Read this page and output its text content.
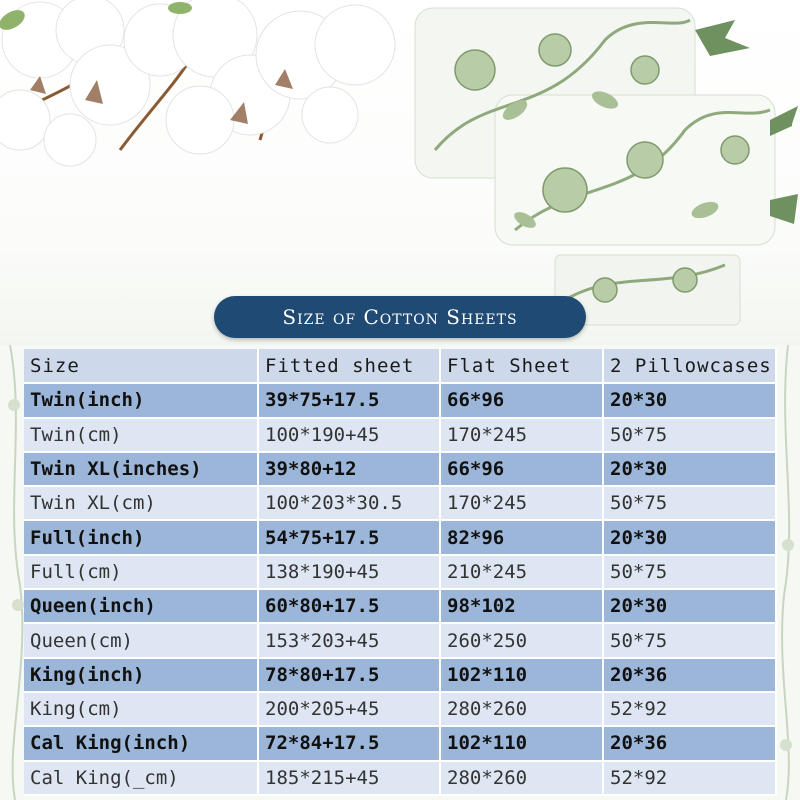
Size of Cotton Sheets
Size	Fitted sheet	Flat Sheet	2 Pillowcases
Twin(inch)	39*75+17.5	66*96	20*30
Twin(cm)	100*190+45	170*245	50*75
Twin XL(inches)	39*80+12	66*96	20*30
Twin XL(cm)	100*203*30.5	170*245	50*75
Full(inch)	54*75+17.5	82*96	20*30
Full(cm)	138*190+45	210*245	50*75
Queen(inch)	60*80+17.5	98*102	20*30
Queen(cm)	153*203+45	260*250	50*75
King(inch)	78*80+17.5	102*110	20*36
King(cm)	200*205+45	280*260	52*92
Cal King(inch)	72*84+17.5	102*110	20*36
Cal King(_cm)	185*215+45	280*260	52*92
